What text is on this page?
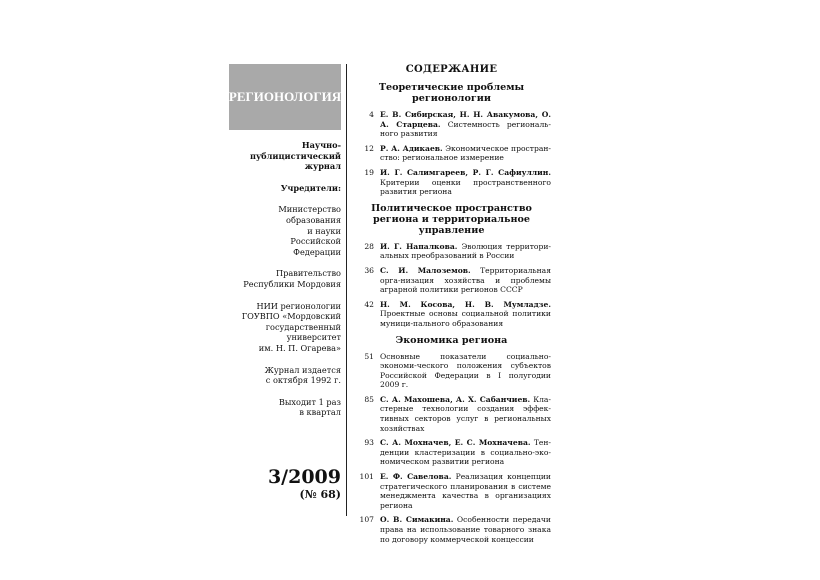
РЕГИОНОЛОГИЯ
Научно-
публицистический
журнал
Учредители:
Министерство
образования
и науки
Российской
Федерации
Правительство
Республики Мордовия
НИИ регионологии
ГОУВПО «Мордовский
государственный
университет
им. Н. П. Огарева»
Журнал издается
с октября 1992 г.
Выходит 1 раз
в квартал
3/2009
(№ 68)
СОДЕРЖАНИЕ
Теоретические проблемы регионологии
4 Е. В. Сибирская, Н. Н. Авакумова, О. А. Старцева. Системность региональ-ного развития
12 Р. А. Адикаев. Экономическое простран-ство: региональное измерение
19 И. Г. Салимгареев, Р. Г. Сафиуллин. Критерии оценки пространственного развития региона
Политическое пространство региона и территориальное управление
28 И. Г. Напалкова. Эволюция территори-альных преобразований в России
36 С. И. Малоземов. Территориальная орга-низация хозяйства и проблемы аграрной политики регионов СССР
42 Н. М. Косова, Н. В. Мумладзе. Проектные основы социальной политики муници-пального образования
Экономика региона
51 Основные показатели социально-экономи-ческого положения субъектов Российской Федерации в I полугодии 2009 г.
85 С. А. Махошева, А. Х. Сабанчиев. Кла-стерные технологии создания эффек-тивных секторов услуг в региональных хозяйствах
93 С. А. Мохначев, Е. С. Мохначева. Тен-денции кластеризации в социально-эко-номическом развитии региона
101 Е. Ф. Савелова. Реализация концепции стратегического планирования в системе менеджмента качества в организациях региона
107 О. В. Симакина. Особенности передачи права на использование товарного знака по договору коммерческой концессии
